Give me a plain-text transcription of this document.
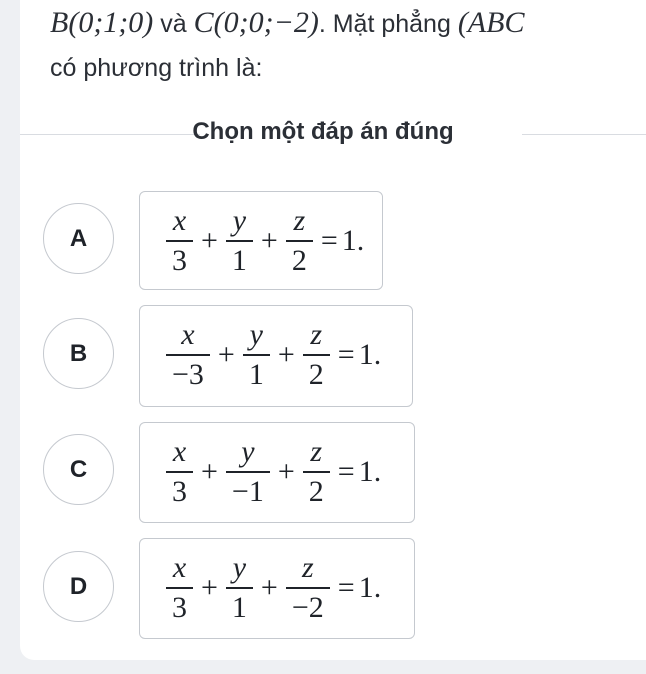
B(0;1;0) và C(0;0;−2). Mặt phẳng (ABC
có phương trình là:
Chọn một đáp án đúng
A	$\frac{x}{3} + \frac{y}{1} + \frac{z}{2} = 1$.
B	$\frac{x}{-3} + \frac{y}{1} + \frac{z}{2} = 1$.
C	$\frac{x}{3} + \frac{y}{-1} + \frac{z}{2} = 1$.
D	$\frac{x}{3} + \frac{y}{1} + \frac{z}{-2} = 1$.
